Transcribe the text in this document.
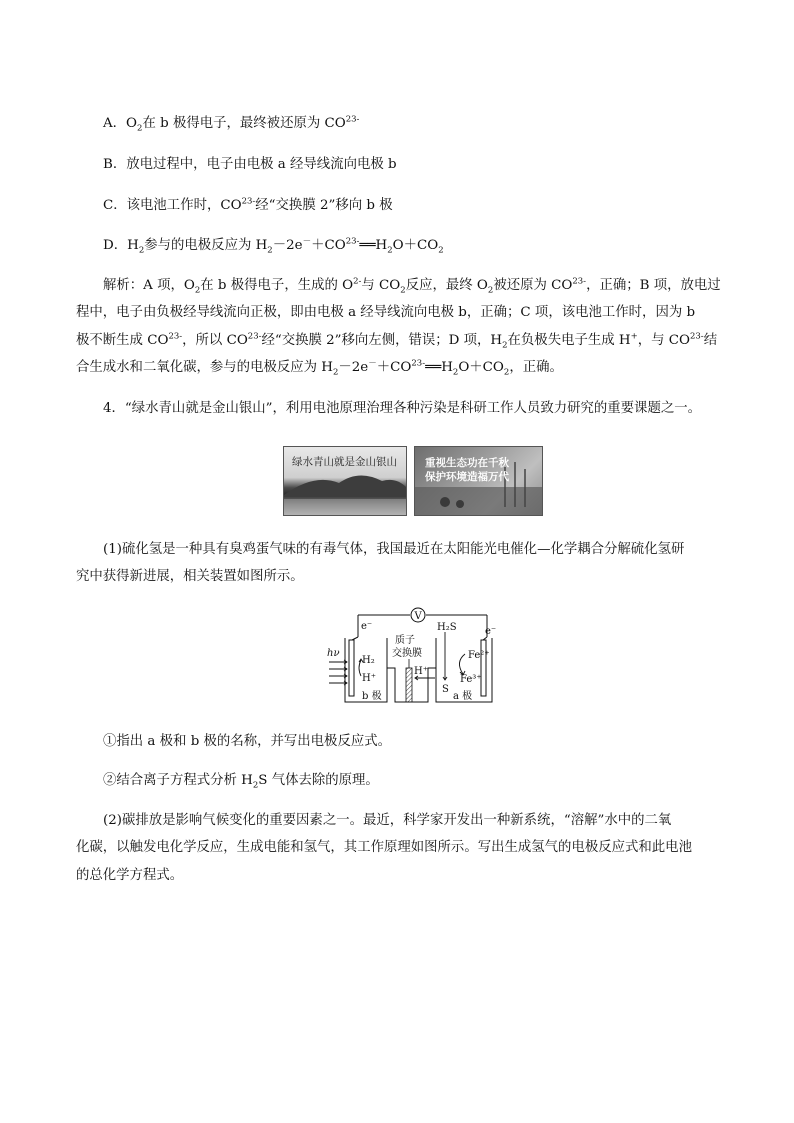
A．$O_2$在 b 极得电子，最终被还原为 $CO^{23-}$
B．放电过程中，电子由电极 a 经导线流向电极 b
C．该电池工作时，$CO^{23-}$经“交换膜 2”移向 b 极
D．$H_2$参与的电极反应为 $H_2-2e^-+CO^{23-}══H_2O+CO_2$
解析：A 项，$O_2$在 b 极得电子，生成的 $O^{2-}$与 $CO_2$反应，最终 $O_2$被还原为 $CO^{23-}$，正确；B 项，放电过
程中，电子由负极经导线流向正极，即由电极 a 经导线流向电极 b，正确；C 项，该电池工作时，因为 b
极不断生成 $CO^{23-}$，所以 $CO^{23-}$经“交换膜 2”移向左侧，错误；D 项，$H_2$在负极失电子生成 H+，与 $CO^{23-}$结
合生成水和二氧化碳，参与的电极反应为 $H_2-2e^-+CO^{23-}══H_2O+CO_2$，正确。
4．“绿水青山就是金山银山”，利用电池原理治理各种污染是科研工作人员致力研究的重要课题之一。
绿水青山就是金山银山	重视生态功在千秋
保护环境造福万代
(1)硫化氢是一种具有臭鸡蛋气味的有毒气体，我国最近在太阳能光电催化—化学耦合分解硫化氢研
究中获得新进展，相关装置如图所示。
V
e⁻	e⁻
hν
H₂
H⁺
b 极
质子
交换膜
H⁺
H₂S
S
Fe²⁺
Fe³⁺
a 极
①指出 a 极和 b 极的名称，并写出电极反应式。
②结合离子方程式分析 $H_2S$ 气体去除的原理。
(2)碳排放是影响气候变化的重要因素之一。最近，科学家开发出一种新系统，“溶解”水中的二氧
化碳，以触发电化学反应，生成电能和氢气，其工作原理如图所示。写出生成氢气的电极反应式和此电池
的总化学方程式。
